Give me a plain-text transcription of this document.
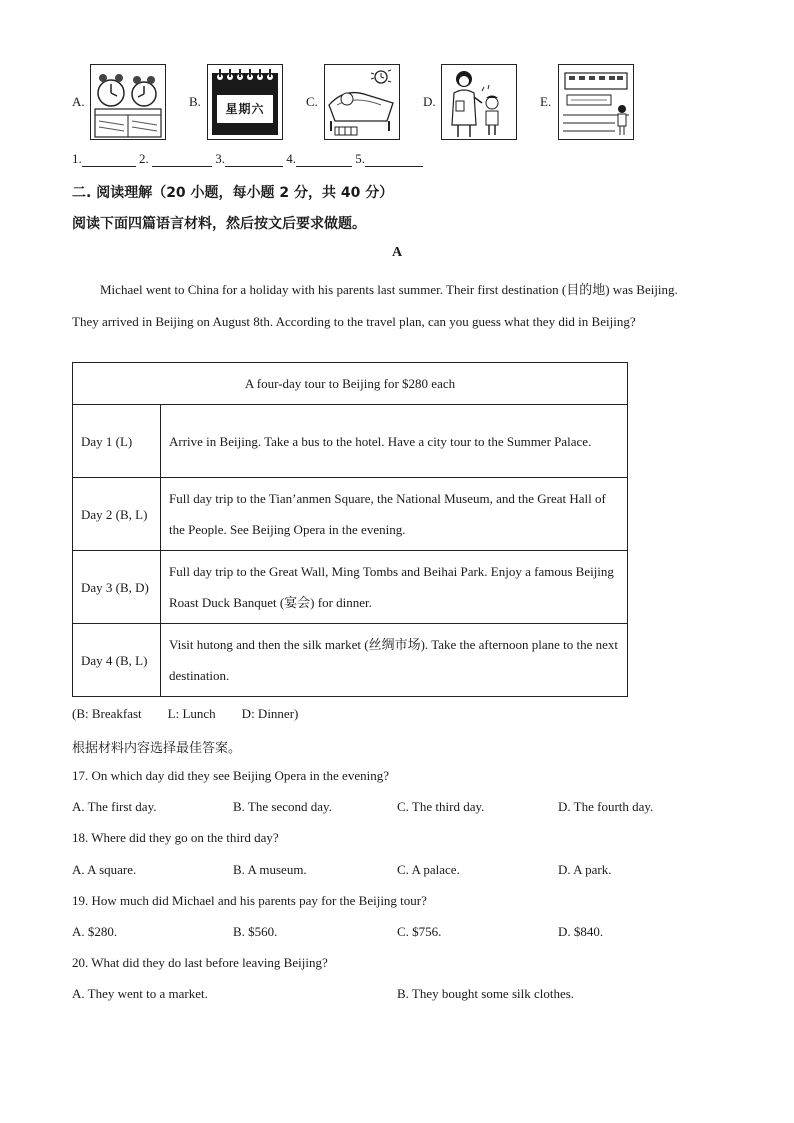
A.	B.	星期六	C.	D.	E.
1.	2.	3.	4.	5.
二. 阅读理解（20 小题，每小题 2 分，共 40 分）
阅读下面四篇语言材料，然后按文后要求做题。
A
Michael went to China for a holiday with his parents last summer. Their first destination (目的地) was Beijing. They arrived in Beijing on August 8th. According to the travel plan, can you guess what they did in Beijing?
A four-day tour to Beijing for $280 each	
Day 1 (L)	Arrive in Beijing. Take a bus to the hotel. Have a city tour to the Summer Palace.
Day 2 (B, L)	Full day trip to the Tian’anmen Square, the National Museum, and the Great Hall of the People. See Beijing Opera in the evening.
Day 3 (B, D)	Full day trip to the Great Wall, Ming Tombs and Beihai Park. Enjoy a famous Beijing Roast Duck Banquet (宴会) for dinner.
Day 4 (B, L)	Visit hutong and then the silk market (丝绸市场). Take the afternoon plane to the next destination.
(B: Breakfast        L: Lunch        D: Dinner)
根据材料内容选择最佳答案。
17. On which day did they see Beijing Opera in the evening?
A. The first day.	B. The second day.	C. The third day.	D. The fourth day.
18. Where did they go on the third day?
A. A square.	B. A museum.	C. A palace.	D. A park.
19. How much did Michael and his parents pay for the Beijing tour?
A. $280.	B. $560.	C. $756.	D. $840.
20. What did they do last before leaving Beijing?
A. They went to a market.	B. They bought some silk clothes.
